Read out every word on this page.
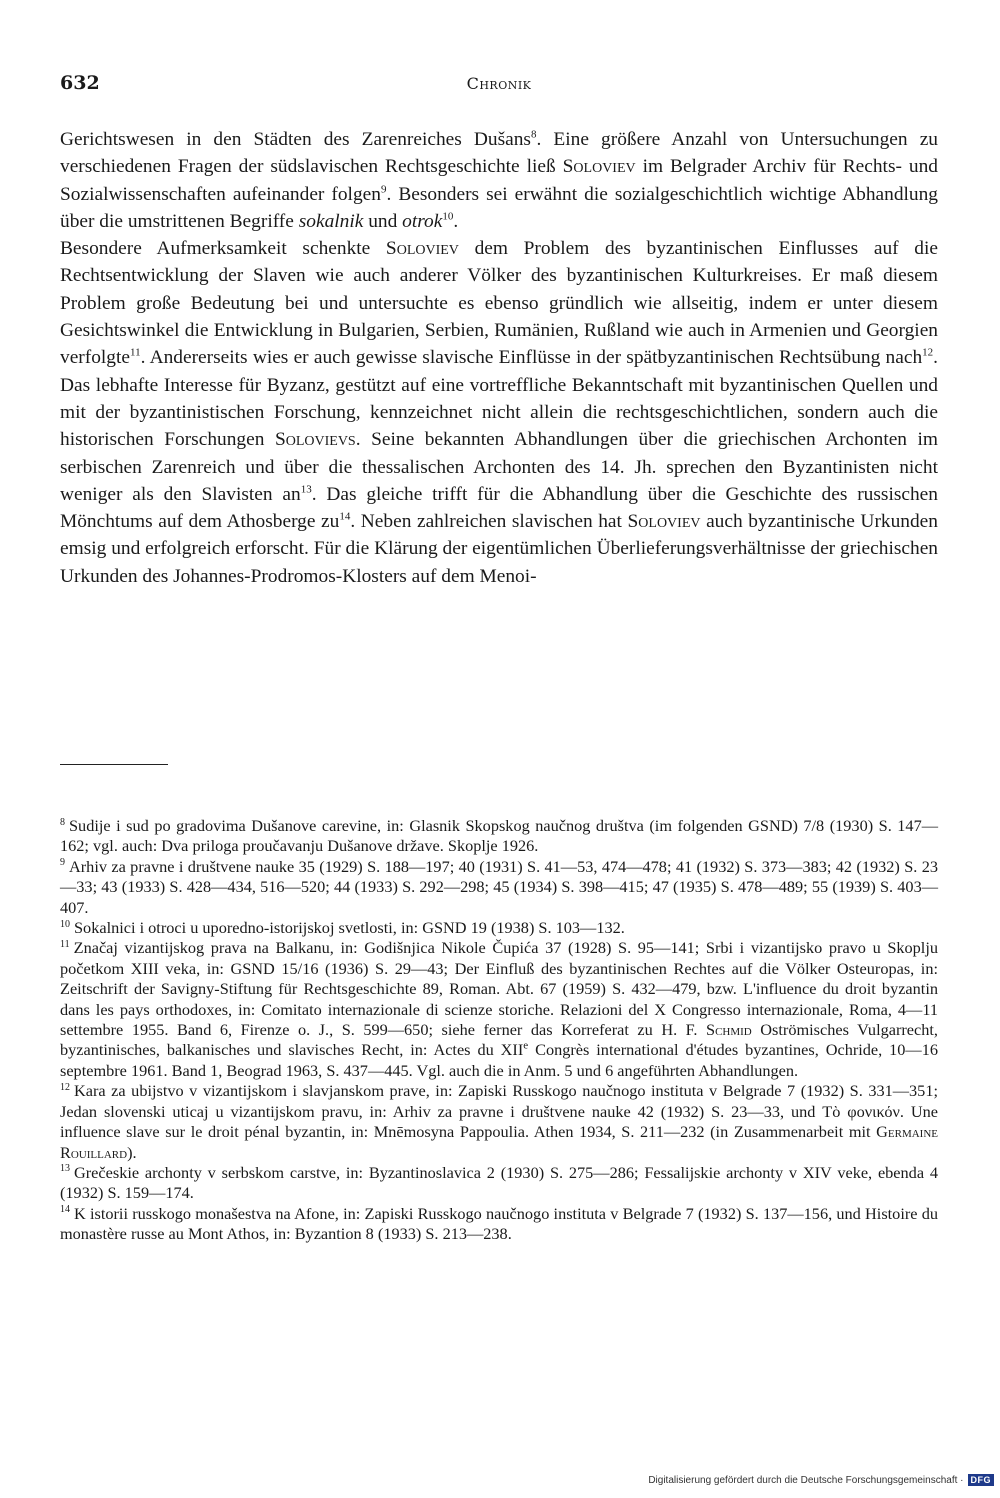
632	Chronik

Gerichtswesen in den Städten des Zarenreiches Dušans$^8$. Eine größere Anzahl von Untersuchungen zu verschiedenen Fragen der südslavischen Rechtsgeschichte ließ Soloviev im Belgrader Archiv für Rechts- und Sozialwissenschaften aufeinander folgen$^9$. Besonders sei erwähnt die sozialgeschichtlich wichtige Abhandlung über die umstrittenen Begriffe sokalnik und otrok$^{10}$.

Besondere Aufmerksamkeit schenkte Soloviev dem Problem des byzantinischen Einflusses auf die Rechtsentwicklung der Slaven wie auch anderer Völker des byzantinischen Kulturkreises. Er maß diesem Problem große Bedeutung bei und untersuchte es ebenso gründlich wie allseitig, indem er unter diesem Gesichtswinkel die Entwicklung in Bulgarien, Serbien, Rumänien, Rußland wie auch in Armenien und Georgien verfolgte$^{11}$. Andererseits wies er auch gewisse slavische Einflüsse in der spätbyzantinischen Rechtsübung nach$^{12}$. Das lebhafte Interesse für Byzanz, gestützt auf eine vortreffliche Bekanntschaft mit byzantinischen Quellen und mit der byzantinistischen Forschung, kennzeichnet nicht allein die rechtsgeschichtlichen, sondern auch die historischen Forschungen Solovievs. Seine bekannten Abhandlungen über die griechischen Archonten im serbischen Zarenreich und über die thessalischen Archonten des 14. Jh. sprechen den Byzantinisten nicht weniger als den Slavisten $an^{13}$. Das gleiche trifft für die Abhandlung über die Geschichte des russischen Mönchtums auf dem Athosberge $zu^{14}$. Neben zahlreichen slavischen hat Soloviev auch byzantinische Urkunden emsig und erfolgreich erforscht. Für die Klärung der eigentümlichen Überlieferungsverhältnisse der griechischen Urkunden des Johannes-Prodromos-Klosters auf dem Menoi-

$^8$ Sudije i sud po gradovima Dušanove carevine, in: Glasnik Skopskog naučnog društva (im folgenden GSND) 7/8 (1930) S. 147—162; vgl. auch: Dva priloga proučavanju Dušanove države. Skoplje 1926.

$^9$ Arhiv za pravne i društvene nauke 35 (1929) S. 188—197; 40 (1931) S. 41—53, 474—478; 41 (1932) S. 373—383; 42 (1932) S. 23—33; 43 (1933) S. 428—434, 516—520; 44 (1933) S. 292—298; 45 (1934) S. 398—415; 47 (1935) S. 478—489; 55 (1939) S. 403—407.

$^{10}$ Sokalnici i otroci u uporedno-istorijskoj svetlosti, in: GSND 19 (1938) S. 103—132.

$^{11}$ Značaj vizantijskog prava na Balkanu, in: Godišnjica Nikole Čupića 37 (1928) S. 95—141; Srbi i vizantijsko pravo u Skoplju početkom XIII veka, in: GSND 15/16 (1936) S. 29—43; Der Einfluß des byzantinischen Rechtes auf die Völker Osteuropas, in: Zeitschrift der Savigny-Stiftung für Rechtsgeschichte 89, Roman. Abt. 67 (1959) S. 432—479, bzw. L'influence du droit byzantin dans les pays orthodoxes, in: Comitato internazionale di scienze storiche. Relazioni del X Congresso internazionale, Roma, 4—11 settembre 1955. Band 6, Firenze o. J., S. 599—650; siehe ferner das Korreferat zu H. F. Schmid Oströmisches Vulgarrecht, byzantinisches, balkanisches und slavisches Recht, in: Actes du XIIe Congrès international d'études byzantines, Ochride, 10—16 septembre 1961. Band 1, Beograd 1963, S. 437—445. Vgl. auch die in Anm. 5 und 6 angeführten Abhandlungen.

$^{12}$ Kara za ubijstvo v vizantijskom i slavjanskom prave, in: Zapiski Russkogo naučnogo instituta v Belgrade 7 (1932) S. 331—351; Jedan slovenski uticaj u vizantijskom pravu, in: Arhiv za pravne i društvene nauke 42 (1932) S. 23—33, und Τὸ φονικόν. Une influence slave sur le droit pénal byzantin, in: Mnēmosyna Pappoulia. Athen 1934, S. 211—232 (in Zusammenarbeit mit Germaine Rouillard).

$^{13}$ Grečeskie archonty v serbskom carstve, in: Byzantinoslavica 2 (1930) S. 275—286; Fessalijskie archonty v XIV veke, ebenda 4 (1932) S. 159—174.

$^{14}$ K istorii russkogo monašestva na Afone, in: Zapiski Russkogo naučnogo instituta v Belgrade 7 (1932) S. 137—156, und Histoire du monastère russe au Mont Athos, in: Byzantion 8 (1933) S. 213—238.

Digitalisierung gefördert durch die Deutsche Forschungsgemeinschaft · DFG
